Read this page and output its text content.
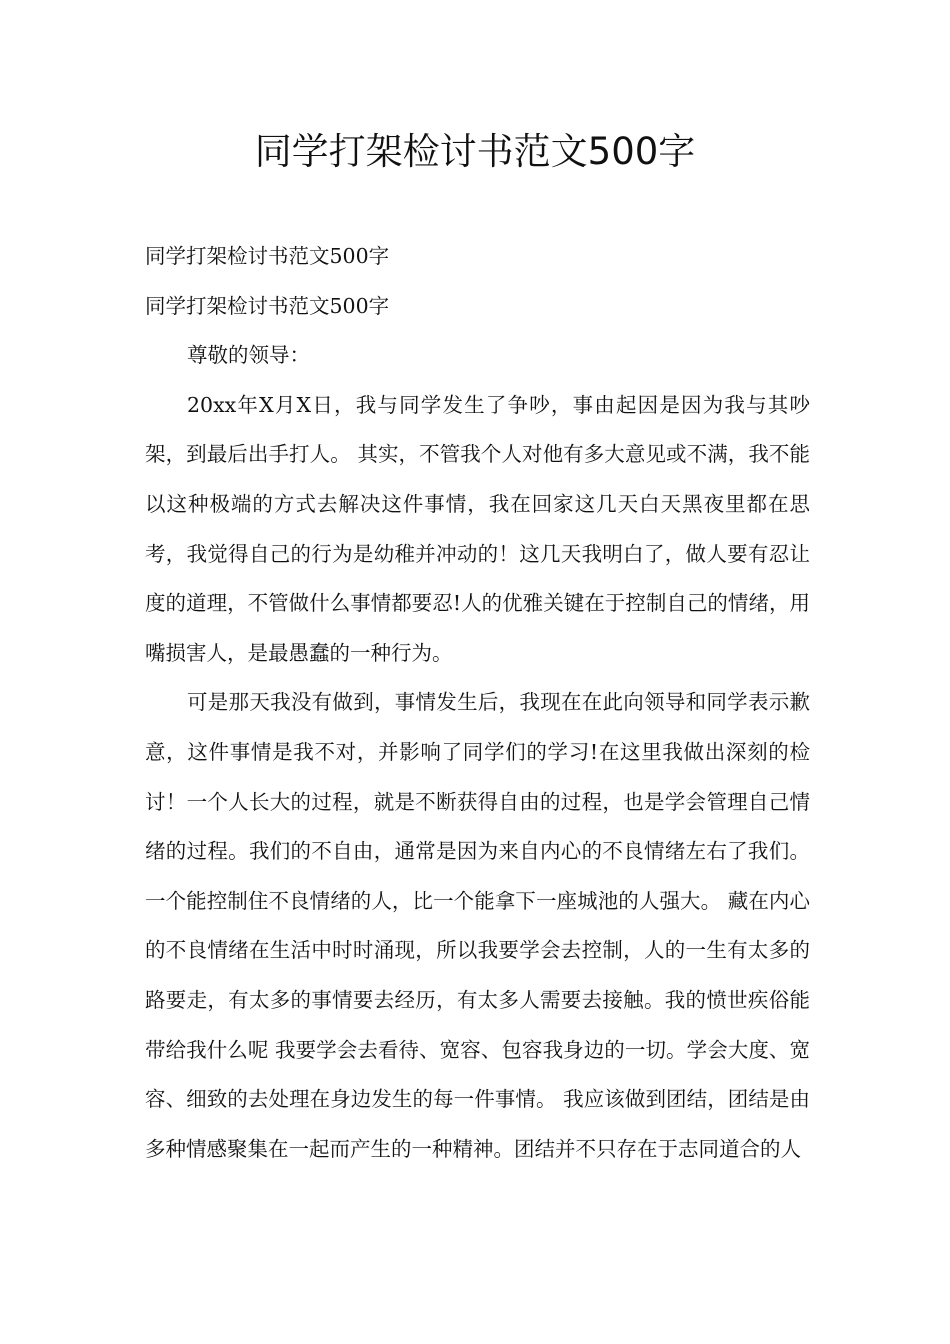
同学打架检讨书范文500字

同学打架检讨书范文500字

同学打架检讨书范文500字

尊敬的领导：

20xx年X月X日，我与同学发生了争吵，事由起因是因为我与其吵架，到最后出手打人。 其实，不管我个人对他有多大意见或不满，我不能以这种极端的方式去解决这件事情，我在回家这几天白天黑夜里都在思考，我觉得自己的行为是幼稚并冲动的！这几天我明白了，做人要有忍让度的道理，不管做什么事情都要忍!人的优雅关键在于控制自己的情绪，用嘴损害人，是最愚蠢的一种行为。

可是那天我没有做到，事情发生后，我现在在此向领导和同学表示歉意，这件事情是我不对，并影响了同学们的学习!在这里我做出深刻的检讨！一个人长大的过程，就是不断获得自由的过程，也是学会管理自己情绪的过程。我们的不自由，通常是因为来自内心的不良情绪左右了我们。一个能控制住不良情绪的人，比一个能拿下一座城池的人强大。 藏在内心的不良情绪在生活中时时涌现，所以我要学会去控制，人的一生有太多的路要走，有太多的事情要去经历，有太多人需要去接触。我的愤世疾俗能带给我什么呢 我要学会去看待、宽容、包容我身边的一切。学会大度、宽容、细致的去处理在身边发生的每一件事情。 我应该做到团结，团结是由多种情感聚集在一起而产生的一种精神。团结并不只存在于志同道合的人
